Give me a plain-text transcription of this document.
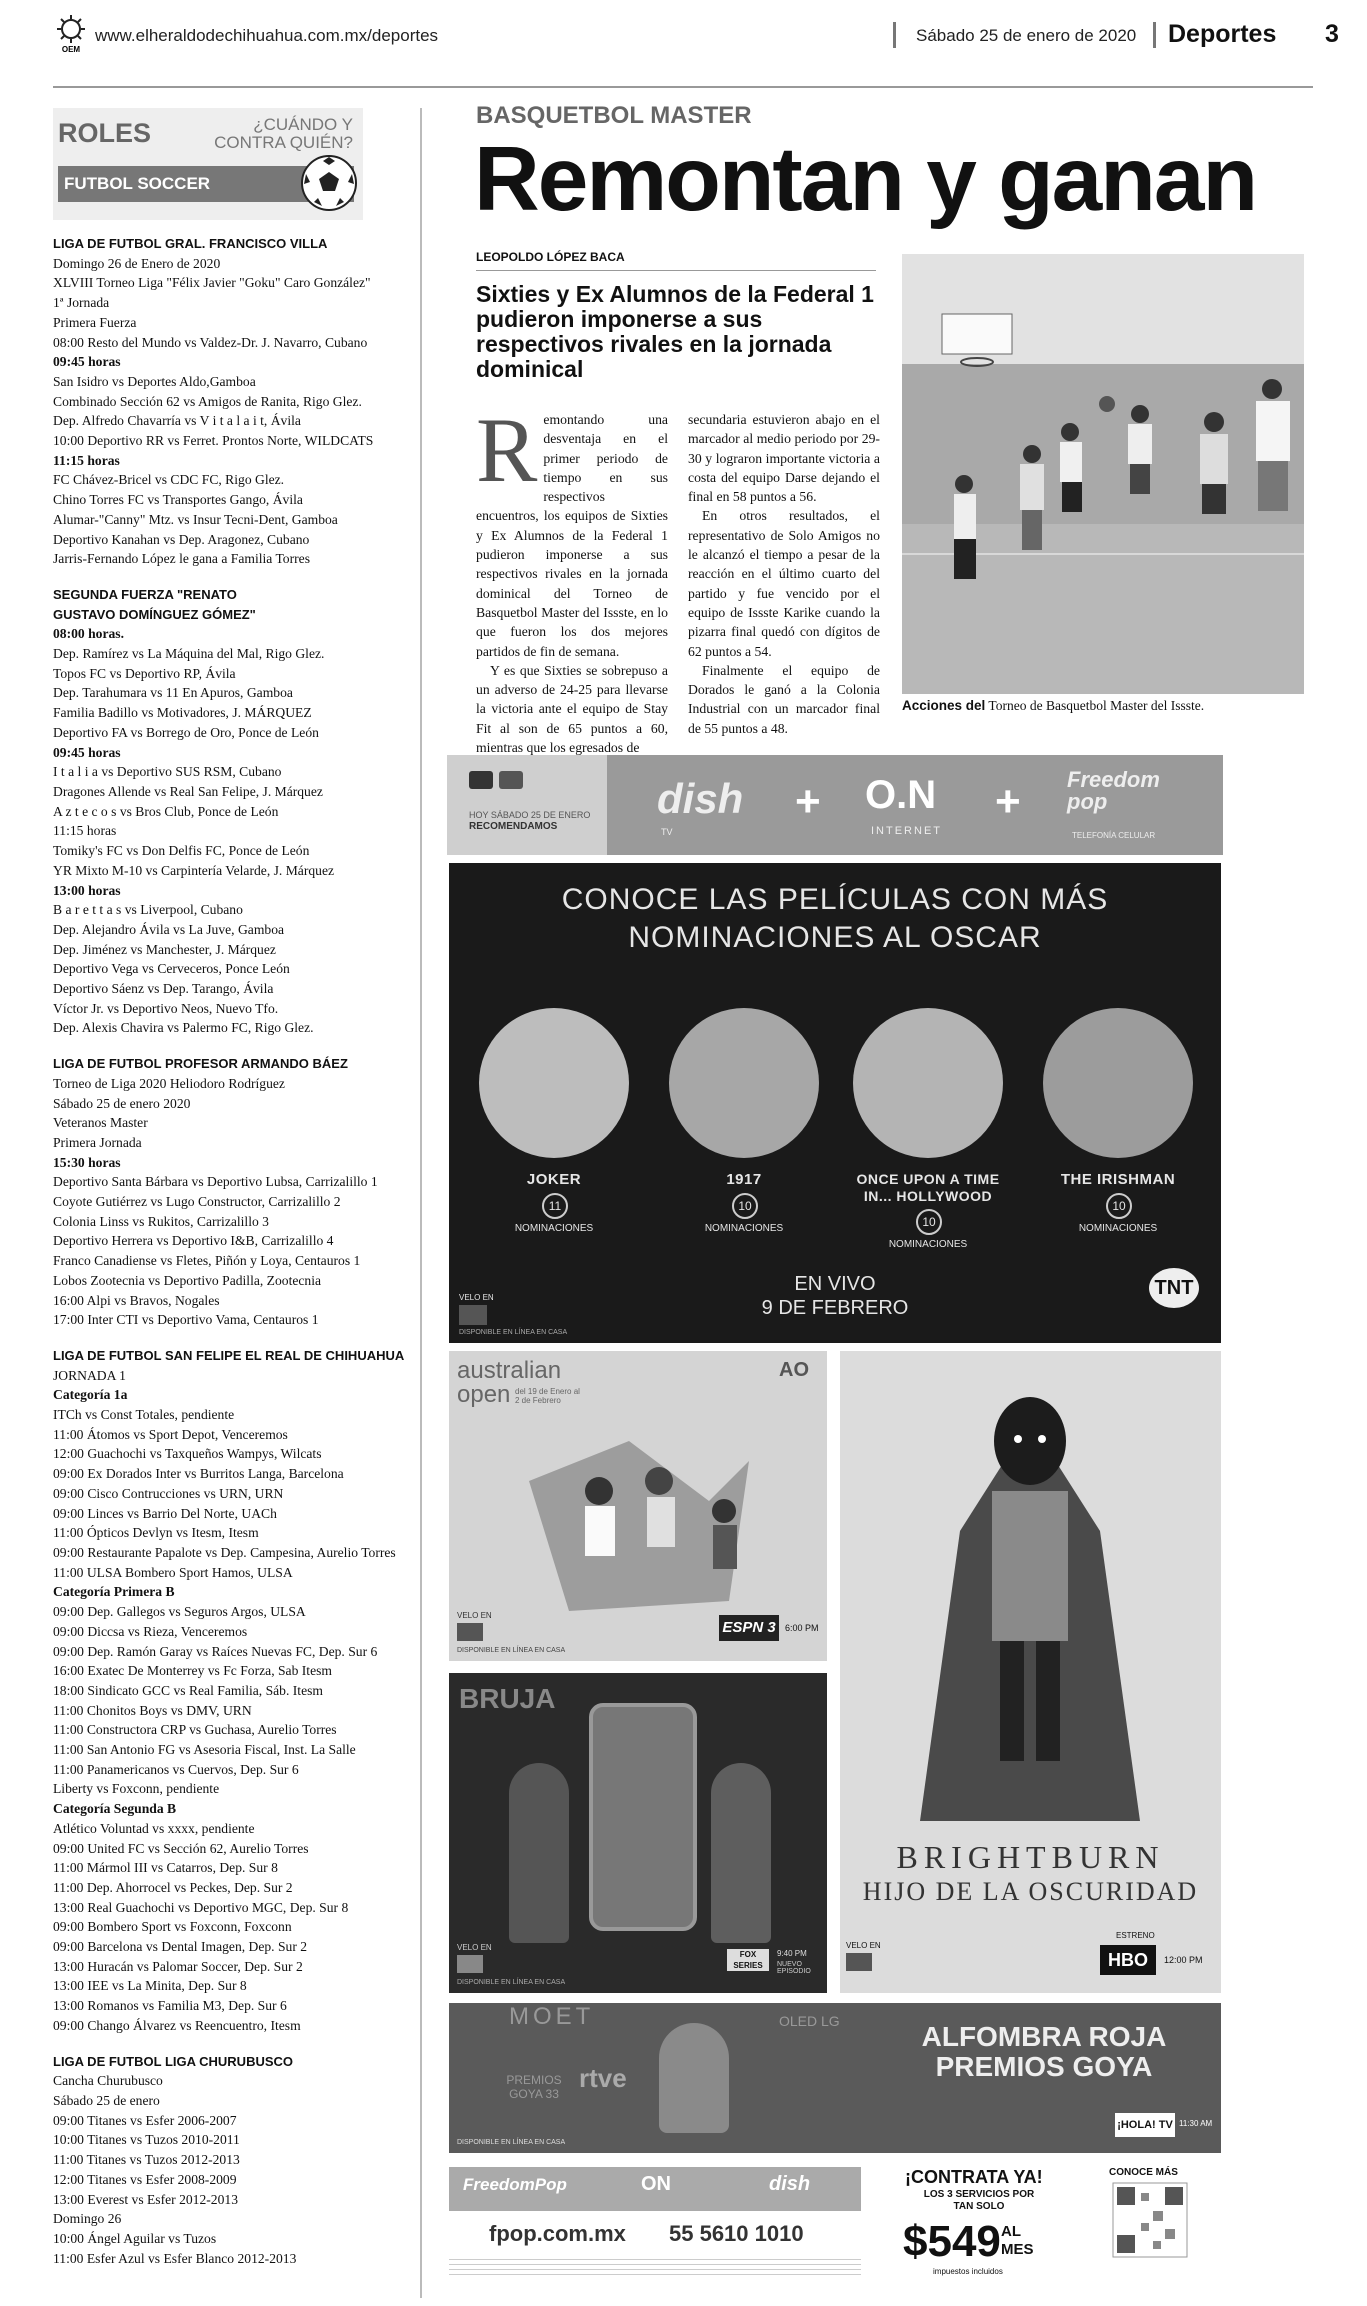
OEM
www.elheraldodechihuahua.com.mx/deportes	Sábado 25 de enero de 2020 Deportes 3
ROLES	¿CUÁNDO Y CONTRA QUIÉN?
FUTBOL SOCCER
LIGA DE FUTBOL GRAL. FRANCISCO VILLA
Domingo 26 de Enero de 2020
XLVIII Torneo Liga "Félix Javier "Goku" Caro González"
1ª Jornada
Primera Fuerza
08:00 Resto del Mundo vs Valdez-Dr. J. Navarro, Cubano
09:45 horas
San Isidro vs Deportes Aldo,Gamboa
Combinado Sección 62 vs Amigos de Ranita, Rigo Glez.
Dep. Alfredo Chavarría vs V i t a l a i t, Ávila
10:00 Deportivo RR vs Ferret. Prontos Norte, WILDCATS
11:15 horas
FC Chávez-Bricel vs CDC FC, Rigo Glez.
Chino Torres FC vs Transportes Gango, Ávila
Alumar-"Canny" Mtz. vs Insur Tecni-Dent, Gamboa
Deportivo Kanahan vs Dep. Aragonez, Cubano
Jarris-Fernando López le gana a Familia Torres
SEGUNDA FUERZA "RENATO
GUSTAVO DOMÍNGUEZ GÓMEZ"
08:00 horas.
Dep. Ramírez vs La Máquina del Mal, Rigo Glez.
Topos FC vs Deportivo RP, Ávila
Dep. Tarahumara vs 11 En Apuros, Gamboa
Familia Badillo vs Motivadores, J. MÁRQUEZ
Deportivo FA vs Borrego de Oro, Ponce de León
09:45 horas
I t a l i a vs Deportivo SUS RSM, Cubano
Dragones Allende vs Real San Felipe, J. Márquez
A z t e c o s vs Bros Club, Ponce de León
11:15 horas
Tomiky's FC vs Don Delfis FC, Ponce de León
YR Mixto M-10 vs Carpintería Velarde, J. Márquez
13:00 horas
B a r e t t a s vs Liverpool, Cubano
Dep. Alejandro Ávila vs La Juve, Gamboa
Dep. Jiménez vs Manchester, J. Márquez
Deportivo Vega vs Cerveceros, Ponce León
Deportivo Sáenz vs Dep. Tarango, Ávila
Víctor Jr. vs Deportivo Neos, Nuevo Tfo.
Dep. Alexis Chavira vs Palermo FC, Rigo Glez.
LIGA DE FUTBOL PROFESOR ARMANDO BÁEZ
Torneo de Liga 2020 Heliodoro Rodríguez
Sábado 25 de enero 2020
Veteranos Master
Primera Jornada
15:30 horas
Deportivo Santa Bárbara vs Deportivo Lubsa, Carrizalillo 1
Coyote Gutiérrez vs Lugo Constructor, Carrizalillo 2
Colonia Linss vs Rukitos, Carrizalillo 3
Deportivo Herrera vs Deportivo I&B, Carrizalillo 4
Franco Canadiense vs Fletes, Piñón y Loya, Centauros 1
Lobos Zootecnia vs Deportivo Padilla, Zootecnia
16:00 Alpi vs Bravos, Nogales
17:00 Inter CTI vs Deportivo Vama, Centauros 1
LIGA DE FUTBOL SAN FELIPE EL REAL DE CHIHUAHUA
JORNADA 1
Categoría 1a
ITCh vs Const Totales, pendiente
11:00 Átomos vs Sport Depot, Venceremos
12:00 Guachochi vs Taxqueños Wampys, Wilcats
09:00 Ex Dorados Inter vs Burritos Langa, Barcelona
09:00 Cisco Contrucciones vs URN, URN
09:00 Linces vs Barrio Del Norte, UACh
11:00 Ópticos Devlyn vs Itesm, Itesm
09:00 Restaurante Papalote vs Dep. Campesina, Aurelio Torres
11:00 ULSA Bombero Sport Hamos, ULSA
Categoría Primera B
09:00 Dep. Gallegos vs Seguros Argos, ULSA
09:00 Diccsa vs Rieza, Venceremos
09:00 Dep. Ramón Garay vs Raíces Nuevas FC, Dep. Sur 6
16:00 Exatec De Monterrey vs Fc Forza, Sab Itesm
18:00 Sindicato GCC vs Real Familia, Sáb. Itesm
11:00 Chonitos Boys vs DMV, URN
11:00 Constructora CRP vs Guchasa, Aurelio Torres
11:00 San Antonio FG vs Asesoria Fiscal, Inst. La Salle
11:00 Panamericanos vs Cuervos, Dep. Sur 6
Liberty vs Foxconn, pendiente
Categoría Segunda B
Atlético Voluntad vs xxxx, pendiente
09:00 United FC vs Sección 62, Aurelio Torres
11:00 Mármol III vs Catarros, Dep. Sur 8
11:00 Dep. Ahorrocel vs Peckes, Dep. Sur 2
13:00 Real Guachochi vs Deportivo MGC, Dep. Sur 8
09:00 Bombero Sport vs Foxconn, Foxconn
09:00 Barcelona vs Dental Imagen, Dep. Sur 2
13:00 Huracán vs Palomar Soccer, Dep. Sur 2
13:00 IEE vs La Minita, Dep. Sur 8
13:00 Romanos vs Familia M3, Dep. Sur 6
09:00 Chango Álvarez vs Reencuentro, Itesm
LIGA DE FUTBOL LIGA CHURUBUSCO
Cancha Churubusco
Sábado 25 de enero
09:00 Titanes vs Esfer 2006-2007
10:00 Titanes vs Tuzos 2010-2011
11:00 Titanes vs Tuzos 2012-2013
12:00 Titanes vs Esfer 2008-2009
13:00 Everest vs Esfer 2012-2013
Domingo 26
10:00 Ángel Aguilar vs Tuzos
11:00 Esfer Azul vs Esfer Blanco 2012-2013
BASQUETBOL MASTER
Remontan y ganan
LEOPOLDO LÓPEZ BACA
Sixties y Ex Alumnos de la Federal 1 pudieron imponerse a sus respectivos rivales en la jornada dominical

Remontando una desventaja en el primer periodo de tiempo en sus respectivos encuentros, los equipos de Sixties y Ex Alumnos de la Federal 1 pudieron imponerse a sus respectivos rivales en la jornada dominical del Torneo de Basquetbol Master del Issste, en lo que fueron los dos mejores partidos de fin de semana.

Y es que Sixties se sobrepuso a un adverso de 24-25 para llevarse la victoria ante el equipo de Stay Fit al son de 65 puntos a 60, mientras que los egresados de

secundaria estuvieron abajo en el marcador al medio periodo por 29-30 y lograron importante victoria a costa del equipo Darse dejando el final en 58 puntos a 56.

En otros resultados, el representativo de Solo Amigos no le alcanzó el tiempo a pesar de la reacción en el último cuarto del partido y fue vencido por el equipo de Issste Karike cuando la pizarra final quedó con dígitos de 62 puntos a 54.

Finalmente el equipo de Dorados le ganó a la Colonia Industrial con un marcador final de 55 puntos a 48.

Acciones del Torneo de Basquetbol Master del Issste.
HOY SÁBADO 25 DE ENERO
RECOMENDAMOS
dish
TV
+ O.N
INTERNET
+ Freedom pop
TELEFONÍA CELULAR
CONOCE LAS PELÍCULAS CON MÁS
NOMINACIONES AL OSCAR
JOKER
11
NOMINACIONES
1917
10
NOMINACIONES
ONCE UPON A TIME IN... HOLLYWOOD
10
NOMINACIONES
THE IRISHMAN
10
NOMINACIONES
EN VIVO
9 DE FEBRERO
VELO EN
DISPONIBLE EN LÍNEA EN CASA
TNT
australian
open del 19 de Enero al 2 de Febrero
AO
VELO EN
DISPONIBLE EN LÍNEA EN CASA
ESPN 3	6:00 PM
BRIGHTBURN
HIJO DE LA OSCURIDAD
ESTRENO
HBO	12:00 PM
VELO EN
BRUJA
FOX SERIES
9:40 PM
NUEVO EPISODIO
VELO EN
DISPONIBLE EN LÍNEA EN CASA
MOET	OLED LG
rtve
PREMIOS GOYA 33
ALFOMBRA ROJA
PREMIOS GOYA
¡HOLA! TV 11:30 AM
DISPONIBLE EN LÍNEA EN CASA
FreedomPop	ON	dish
fpop.com.mx 55 5610 1010
¡CONTRATA YA!
LOS 3 SERVICIOS POR TAN SOLO
$549 AL
MES
impuestos incluidos
CONOCE MÁS
